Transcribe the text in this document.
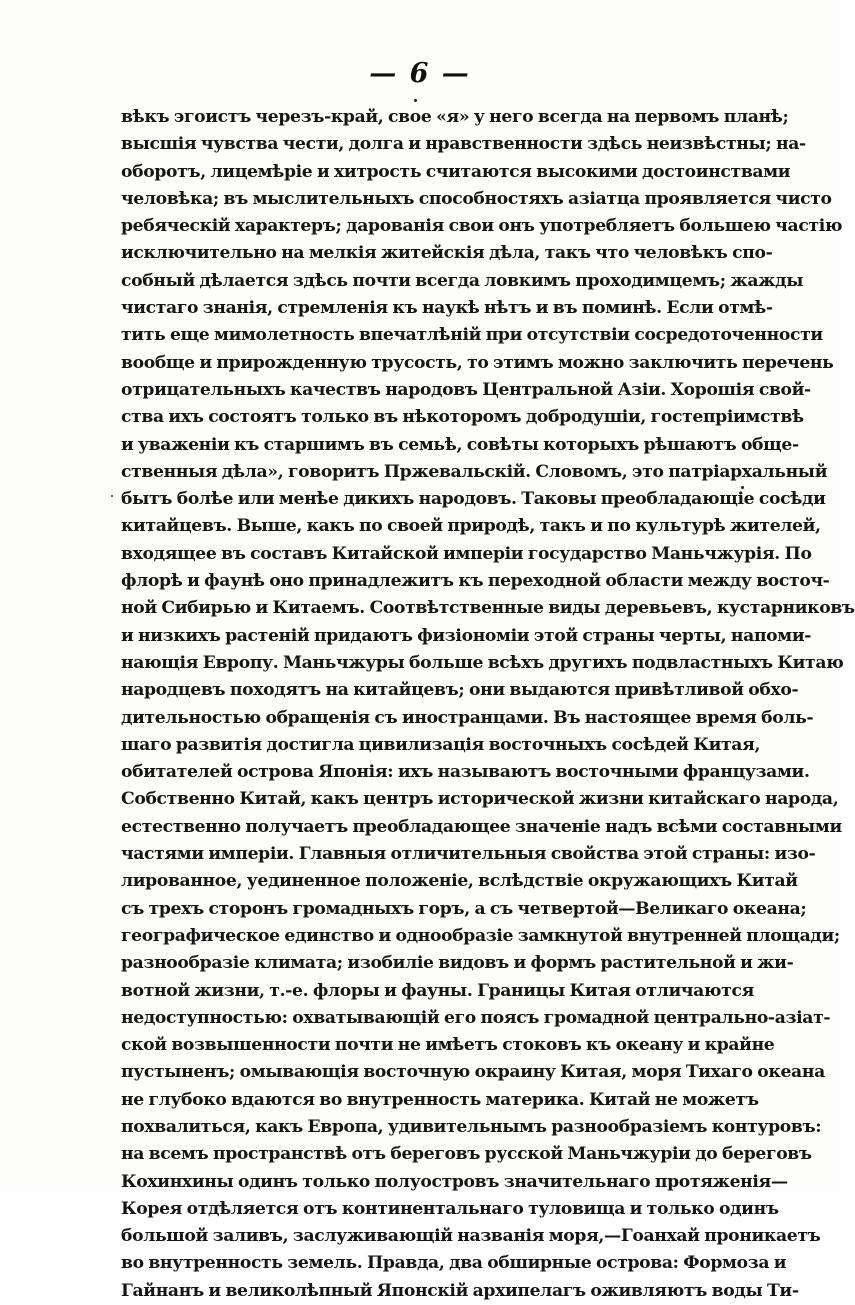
— 6 —
вѣкъ эгоистъ черезъ-край, свое «я» у него всегда на первомъ планѣ;
высшія чувства чести, долга и нравственности здѣсь неизвѣстны; на-
оборотъ, лицемѣріе и хитрость считаются высокими достоинствами
человѣка; въ мыслительныхъ способностяхъ азіатца проявляется чисто
ребяческій характеръ; дарованія свои онъ употребляетъ большею частію
исключительно на мелкія житейскія дѣла, такъ что человѣкъ спо-
собный дѣлается здѣсь почти всегда ловкимъ проходимцемъ; жажды
чистаго знанія, стремленія къ наукѣ нѣтъ и въ поминѣ. Если отмѣ-
тить еще мимолетность впечатлѣній при отсутствіи сосредоточенности
вообще и прирожденную трусость, то этимъ можно заключить перечень
отрицательныхъ качествъ народовъ Центральной Азіи. Хорошія свой-
ства ихъ состоятъ только въ нѣкоторомъ добродушіи, гостепріимствѣ
и уваженіи къ старшимъ въ семьѣ, совѣты которыхъ рѣшаютъ обще-
ственныя дѣла», говоритъ Пржевальскій. Словомъ, это патріархальный
бытъ болѣе или менѣе дикихъ народовъ. Таковы преобладающіе сосѣди
китайцевъ. Выше, какъ по своей природѣ, такъ и по культурѣ жителей,
входящее въ составъ Китайской имперіи государство Маньчжурія. По
флорѣ и фаунѣ оно принадлежитъ къ переходной области между восточ-
ной Сибирью и Китаемъ. Соотвѣтственные виды деревьевъ, кустарниковъ
и низкихъ растеній придаютъ физіономіи этой страны черты, напоми-
нающія Европу. Маньчжуры больше всѣхъ другихъ подвластныхъ Китаю
народцевъ походятъ на китайцевъ; они выдаются привѣтливой обхо-
дительностью обращенія съ иностранцами. Въ настоящее время боль-
шаго развитія достигла цивилизація восточныхъ сосѣдей Китая,
обитателей острова Японія: ихъ называютъ восточными французами.
Собственно Китай, какъ центръ исторической жизни китайскаго народа,
естественно получаетъ преобладающее значеніе надъ всѣми составными
частями имперіи. Главныя отличительныя свойства этой страны: изо-
лированное, уединенное положеніе, вслѣдствіе окружающихъ Китай
съ трехъ сторонъ громадныхъ горъ, а съ четвертой—Великаго океана;
географическое единство и однообразіе замкнутой внутренней площади;
разнообразіе климата; изобиліе видовъ и формъ растительной и жи-
вотной жизни, т.-е. флоры и фауны. Границы Китая отличаются
недоступностью: охватывающій его поясъ громадной центрально-азіат-
ской возвышенности почти не имѣетъ стоковъ къ океану и крайне
пустыненъ; омывающія восточную окраину Китая, моря Тихаго океана
не глубоко вдаются во внутренность материка. Китай не можетъ
похвалиться, какъ Европа, удивительнымъ разнообразіемъ контуровъ:
на всемъ пространствѣ отъ береговъ русской Маньчжуріи до береговъ
Кохинхины одинъ только полуостровъ значительнаго протяженія—
Корея отдѣляется отъ континентальнаго туловища и только одинъ
большой заливъ, заслуживающій названія моря,—Гоанхай проникаетъ
во внутренность земель. Правда, два обширные острова: Формоза и
Гайнанъ и великолѣпный Японскій архипелагъ оживляютъ воды Ти-
